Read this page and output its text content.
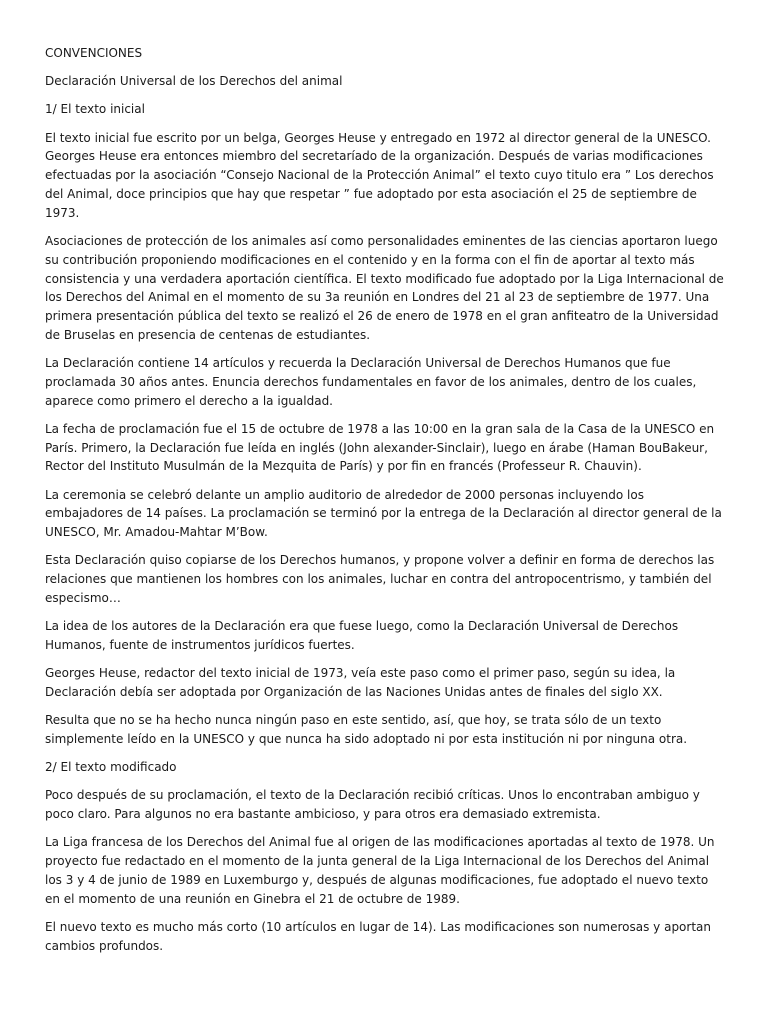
CONVENCIONES

Declaración Universal de los Derechos del animal

1/ El texto inicial

El texto inicial fue escrito por un belga, Georges Heuse y entregado en 1972 al director general de la UNESCO. Georges Heuse era entonces miembro del secretaríado de la organización. Después de varias modificaciones efectuadas por la asociación “Consejo Nacional de la Protección Animal” el texto cuyo titulo era ” Los derechos del Animal, doce principios que hay que respetar ” fue adoptado por esta asociación el 25 de septiembre de 1973.

Asociaciones de protección de los animales así como personalidades eminentes de las ciencias aportaron luego su contribución proponiendo modificaciones en el contenido y en la forma con el fin de aportar al texto más consistencia y una verdadera aportación científica. El texto modificado fue adoptado por la Liga Internacional de los Derechos del Animal en el momento de su 3a reunión en Londres del 21 al 23 de septiembre de 1977. Una primera presentación pública del texto se realizó el 26 de enero de 1978 en el gran anfiteatro de la Universidad de Bruselas en presencia de centenas de estudiantes.

La Declaración contiene 14 artículos y recuerda la Declaración Universal de Derechos Humanos que fue proclamada 30 años antes. Enuncia derechos fundamentales en favor de los animales, dentro de los cuales, aparece como primero el derecho a la igualdad.

La fecha de proclamación fue el 15 de octubre de 1978 a las 10:00 en la gran sala de la Casa de la UNESCO en París. Primero, la Declaración fue leída en inglés (John alexander-Sinclair), luego en árabe (Haman BouBakeur, Rector del Instituto Musulmán de la Mezquita de París) y por fin en francés (Professeur R. Chauvin).

La ceremonia se celebró delante un amplio auditorio de alrededor de 2000 personas incluyendo los embajadores de 14 países. La proclamación se terminó por la entrega de la Declaración al director general de la UNESCO, Mr. Amadou-Mahtar M’Bow.

Esta Declaración quiso copiarse de los Derechos humanos, y propone volver a definir en forma de derechos las relaciones que mantienen los hombres con los animales, luchar en contra del antropocentrismo, y también del especismo…

La idea de los autores de la Declaración era que fuese luego, como la Declaración Universal de Derechos Humanos, fuente de instrumentos jurídicos fuertes.

Georges Heuse, redactor del texto inicial de 1973, veía este paso como el primer paso, según su idea, la Declaración debía ser adoptada por Organización de las Naciones Unidas antes de finales del siglo XX.

Resulta que no se ha hecho nunca ningún paso en este sentido, así, que hoy, se trata sólo de un texto simplemente leído en la UNESCO y que nunca ha sido adoptado ni por esta institución ni por ninguna otra.

2/ El texto modificado

Poco después de su proclamación, el texto de la Declaración recibió críticas. Unos lo encontraban ambiguo y poco claro. Para algunos no era bastante ambicioso, y para otros era demasiado extremista.

La Liga francesa de los Derechos del Animal fue al origen de las modificaciones aportadas al texto de 1978. Un proyecto fue redactado en el momento de la junta general de la Liga Internacional de los Derechos del Animal los 3 y 4 de junio de 1989 en Luxemburgo y, después de algunas modificaciones, fue adoptado el nuevo texto en el momento de una reunión en Ginebra el 21 de octubre de 1989.

El nuevo texto es mucho más corto (10 artículos en lugar de 14). Las modificaciones son numerosas y aportan cambios profundos.
